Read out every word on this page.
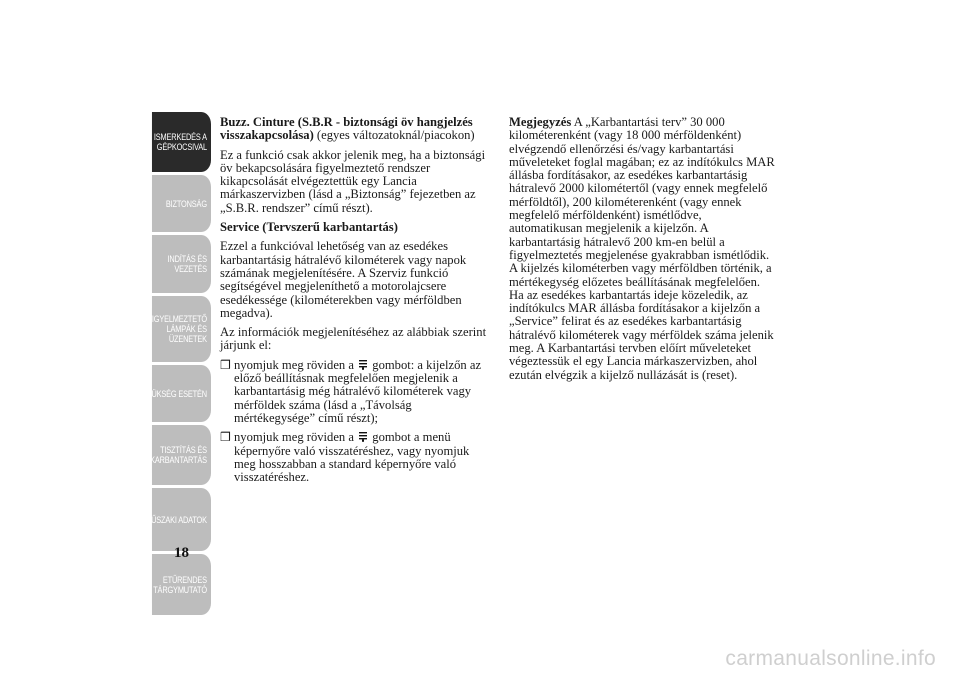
ISMERKEDÉS A
GÉPKOCSIVAL
BIZTONSÁG
INDÍTÁS ÉS
VEZETÉS
FIGYELMEZTETŐ
LÁMPÁK ÉS
ÜZENETEK
SZÜKSÉG ESETÉN
TISZTÍTÁS ÉS
KARBANTARTÁS
MŰSZAKI ADATOK
ETŰRENDES
TÁRGYMUTATÓ
18

Buzz. Cinture (S.B.R - biztonsági öv hangjelzés visszakapcsolása) (egyes változatoknál/piacokon)

Ez a funkció csak akkor jelenik meg, ha a biztonsági öv bekapcsolására figyelmeztető rendszer kikapcsolását elvégeztettük egy Lancia márkaszervizben (lásd a „Biztonság” fejezetben az „S.B.R. rendszer” című részt).

Service (Tervszerű karbantartás)

Ezzel a funkcióval lehetőség van az esedékes karbantartásig hátralévő kilométerek vagy napok számának megjelenítésére. A Szerviz funkció segítségével megjeleníthető a motorolajcsere esedékessége (kilométerekben vagy mérföldben megadva).

Az információk megjelenítéséhez az alábbiak szerint járjunk el:

❒ nyomjuk meg röviden a  gombot: a kijelzőn az előző beállításnak megfelelően megjelenik a karbantartásig még hátralévő kilométerek vagy mérföldek száma (lásd a „Távolság mértékegysége” című részt);
❒ nyomjuk meg röviden a  gombot a menü képernyőre való visszatéréshez, vagy nyomjuk meg hosszabban a standard képernyőre való visszatéréshez.

Megjegyzés A „Karbantartási terv” 30 000 kilométerenként (vagy 18 000 mérföldenként) elvégzendő ellenőrzési és/vagy karbantartási műveleteket foglal magában; ez az indítókulcs MAR állásba fordításakor, az esedékes karbantartásig hátralevő 2000 kilométertől (vagy ennek megfelelő mérföldtől), 200 kilométerenként (vagy ennek megfelelő mérföldenként) ismétlődve, automatikusan megjelenik a kijelzőn. A karbantartásig hátralevő 200 km-en belül a figyelmeztetés megjelenése gyakrabban ismétlődik. A kijelzés kilométerben vagy mérföldben történik, a mértékegység előzetes beállításának megfelelően. Ha az esedékes karbantartás ideje közeledik, az indítókulcs MAR állásba fordításakor a kijelzőn a „Service” felirat és az esedékes karbantartásig hátralévő kilométerek vagy mérföldek száma jelenik meg. A Karbantartási tervben előírt műveleteket végeztessük el egy Lancia márkaszervizben, ahol ezután elvégzik a kijelző nullázását is (reset).

carmanualsonline.info
